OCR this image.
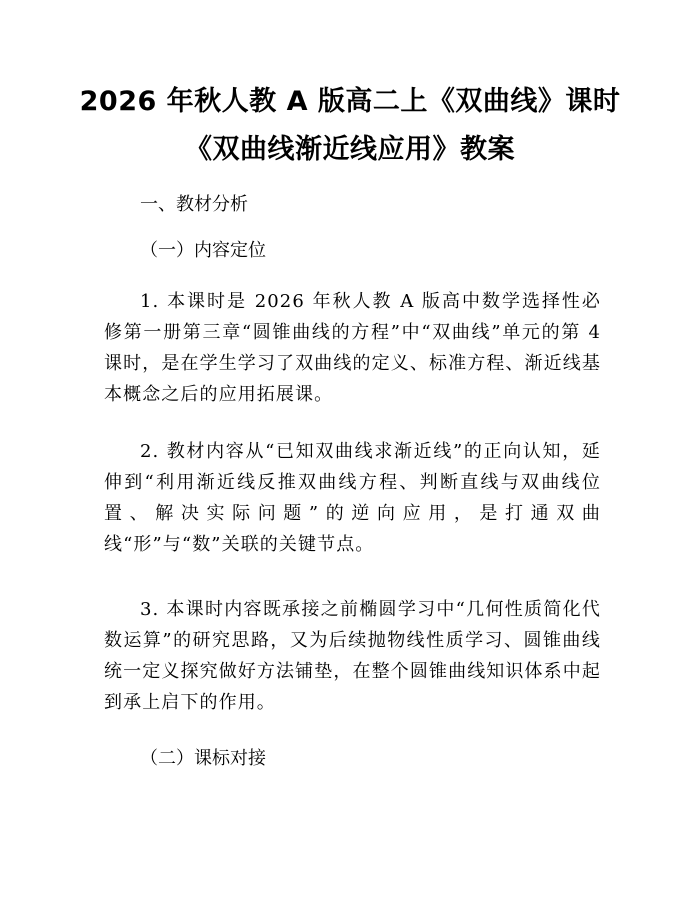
2026 年秋人教 A 版高二上《双曲线》课时
《双曲线渐近线应用》教案
一、教材分析
（一）内容定位

1. 本课时是 2026 年秋人教 A 版高中数学选择性必修第一册第三章“圆锥曲线的方程”中“双曲线”单元的第 4 课时，是在学生学习了双曲线的定义、标准方程、渐近线基本概念之后的应用拓展课。

2. 教材内容从“已知双曲线求渐近线”的正向认知，延伸到“利用渐近线反推双曲线方程、判断直线与双曲线位置、解决实际问题”的逆向应用，是打通双曲线“形”与“数”关联的关键节点。

3. 本课时内容既承接之前椭圆学习中“几何性质简化代数运算”的研究思路，又为后续抛物线性质学习、圆锥曲线统一定义探究做好方法铺垫，在整个圆锥曲线知识体系中起到承上启下的作用。

（二）课标对接
